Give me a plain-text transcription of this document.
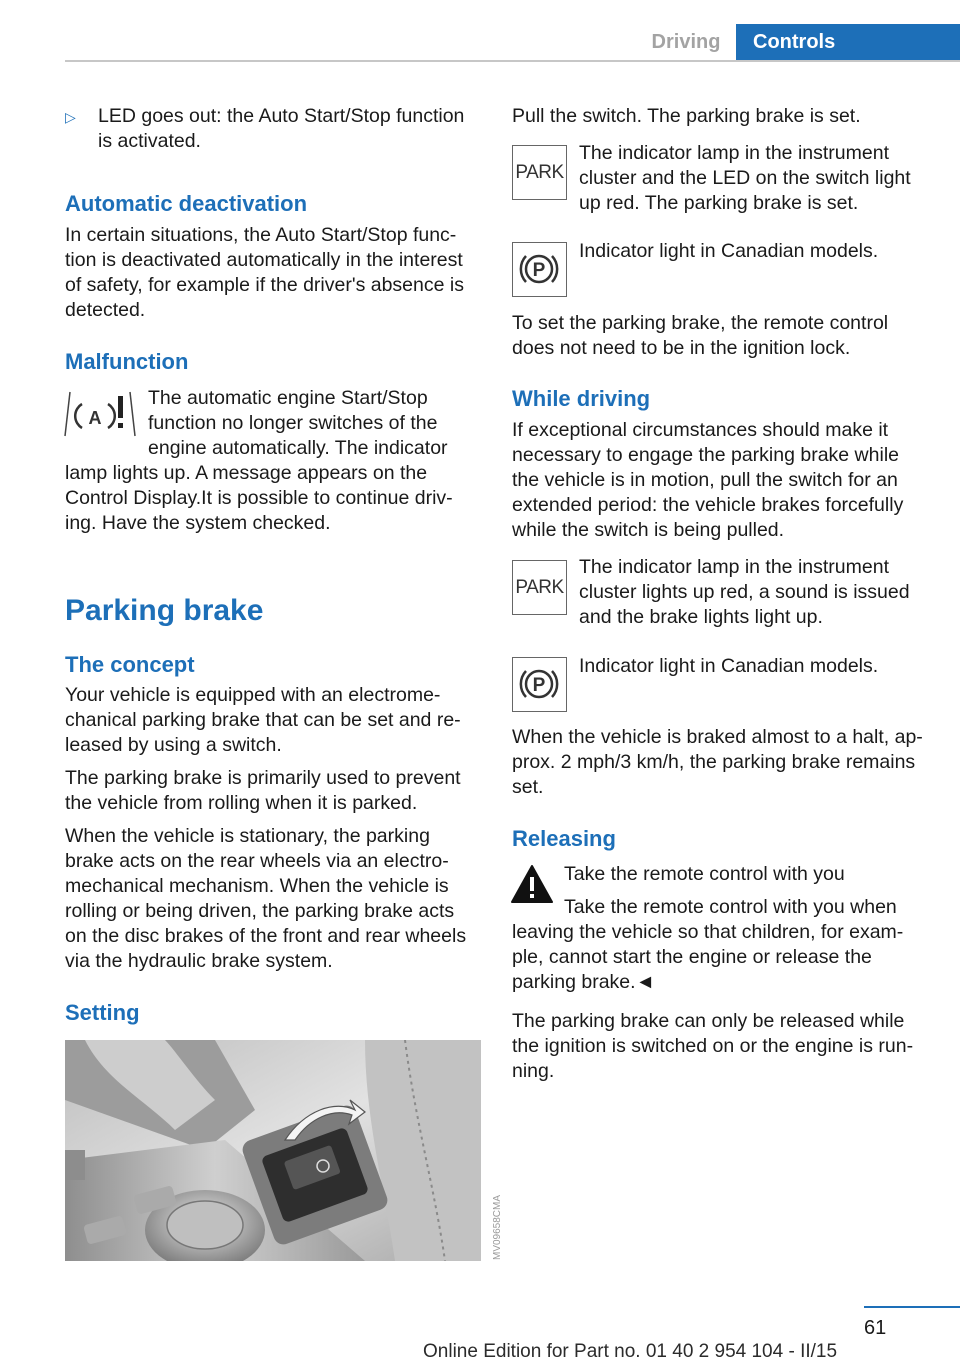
Driving	Controls
▷ LED goes out: the Auto Start/Stop function
is activated.
Automatic deactivation
In certain situations, the Auto Start/Stop func-
tion is deactivated automatically in the interest
of safety, for example if the driver's absence is
detected.
Malfunction
A
The automatic engine Start/Stop
function no longer switches of the
engine automatically. The indicator
lamp lights up. A message appears on the
Control Display.It is possible to continue driv-
ing. Have the system checked.
Parking brake
The concept
Your vehicle is equipped with an electrome-
chanical parking brake that can be set and re-
leased by using a switch.
The parking brake is primarily used to prevent
the vehicle from rolling when it is parked.
When the vehicle is stationary, the parking
brake acts on the rear wheels via an electro-
mechanical mechanism. When the vehicle is
rolling or being driven, the parking brake acts
on the disc brakes of the front and rear wheels
via the hydraulic brake system.
Setting
MV09658CMA
Pull the switch. The parking brake is set.
PARK
The indicator lamp in the instrument
cluster and the LED on the switch light
up red. The parking brake is set.
P
Indicator light in Canadian models.
To set the parking brake, the remote control
does not need to be in the ignition lock.
While driving
If exceptional circumstances should make it
necessary to engage the parking brake while
the vehicle is in motion, pull the switch for an
extended period: the vehicle brakes forcefully
while the switch is being pulled.
PARK
The indicator lamp in the instrument
cluster lights up red, a sound is issued
and the brake lights light up.
P
Indicator light in Canadian models.
When the vehicle is braked almost to a halt, ap-
prox. 2 mph/3 km/h, the parking brake remains
set.
Releasing
Take the remote control with you
Take the remote control with you when
leaving the vehicle so that children, for exam-
ple, cannot start the engine or release the
parking brake.◄
The parking brake can only be released while
the ignition is switched on or the engine is run-
ning.
61
Online Edition for Part no. 01 40 2 954 104 - II/15
